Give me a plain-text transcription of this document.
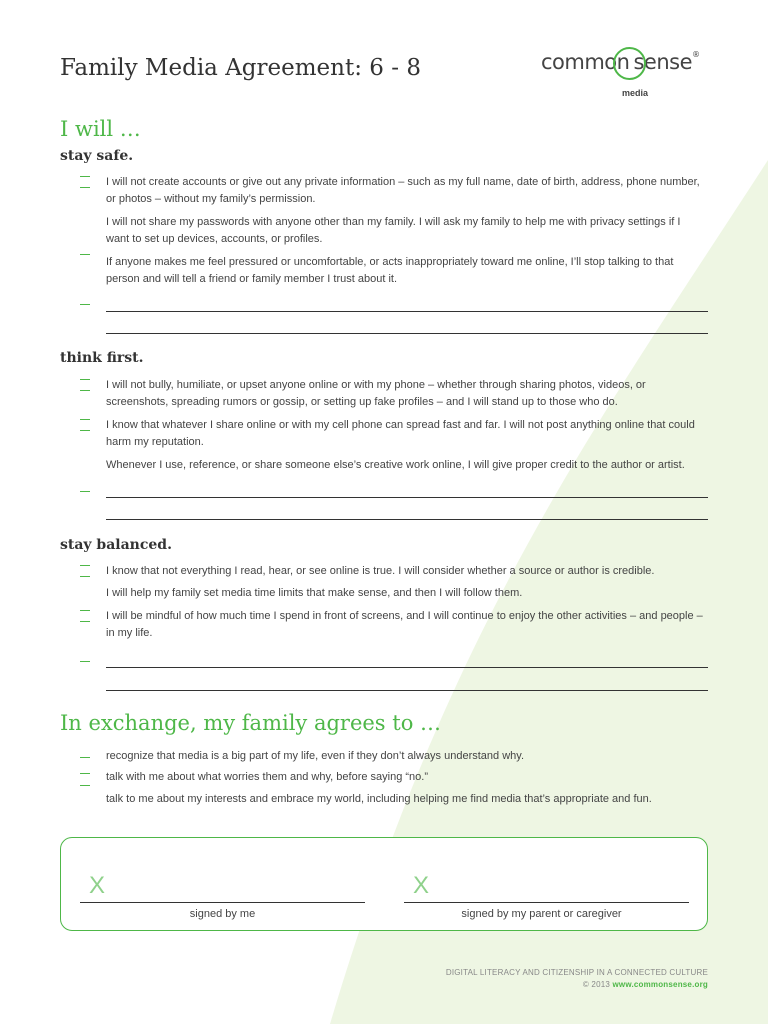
Family Media Agreement: 6 - 8	common sense®
media
I will …
stay safe.
I will not create accounts or give out any private information – such as my full name, date of birth, address, phone number, or photos – without my family’s permission.
I will not share my passwords with anyone other than my family. I will ask my family to help me with privacy settings if I want to set up devices, accounts, or profiles.
If anyone makes me feel pressured or uncomfortable, or acts inappropriately toward me online, I’ll stop talking to that person and will tell a friend or family member I trust about it.
think first.
I will not bully, humiliate, or upset anyone online or with my phone – whether through sharing photos, videos, or screenshots, spreading rumors or gossip, or setting up fake profiles – and I will stand up to those who do.
I know that whatever I share online or with my cell phone can spread fast and far. I will not post anything online that could harm my reputation.
Whenever I use, reference, or share someone else’s creative work online, I will give proper credit to the author or artist.
stay balanced.
I know that not everything I read, hear, or see online is true. I will consider whether a source or author is credible.
I will help my family set media time limits that make sense, and then I will follow them.
I will be mindful of how much time I spend in front of screens, and I will continue to enjoy the other activities – and people – in my life.
In exchange, my family agrees to …
recognize that media is a big part of my life, even if they don’t always understand why.
talk with me about what worries them and why, before saying “no.”
talk to me about my interests and embrace my world, including helping me find media that’s appropriate and fun.
X
signed by me
X
signed by my parent or caregiver
DIGITAL LITERACY AND CITIZENSHIP IN A CONNECTED CULTURE
© 2013 www.commonsense.org
